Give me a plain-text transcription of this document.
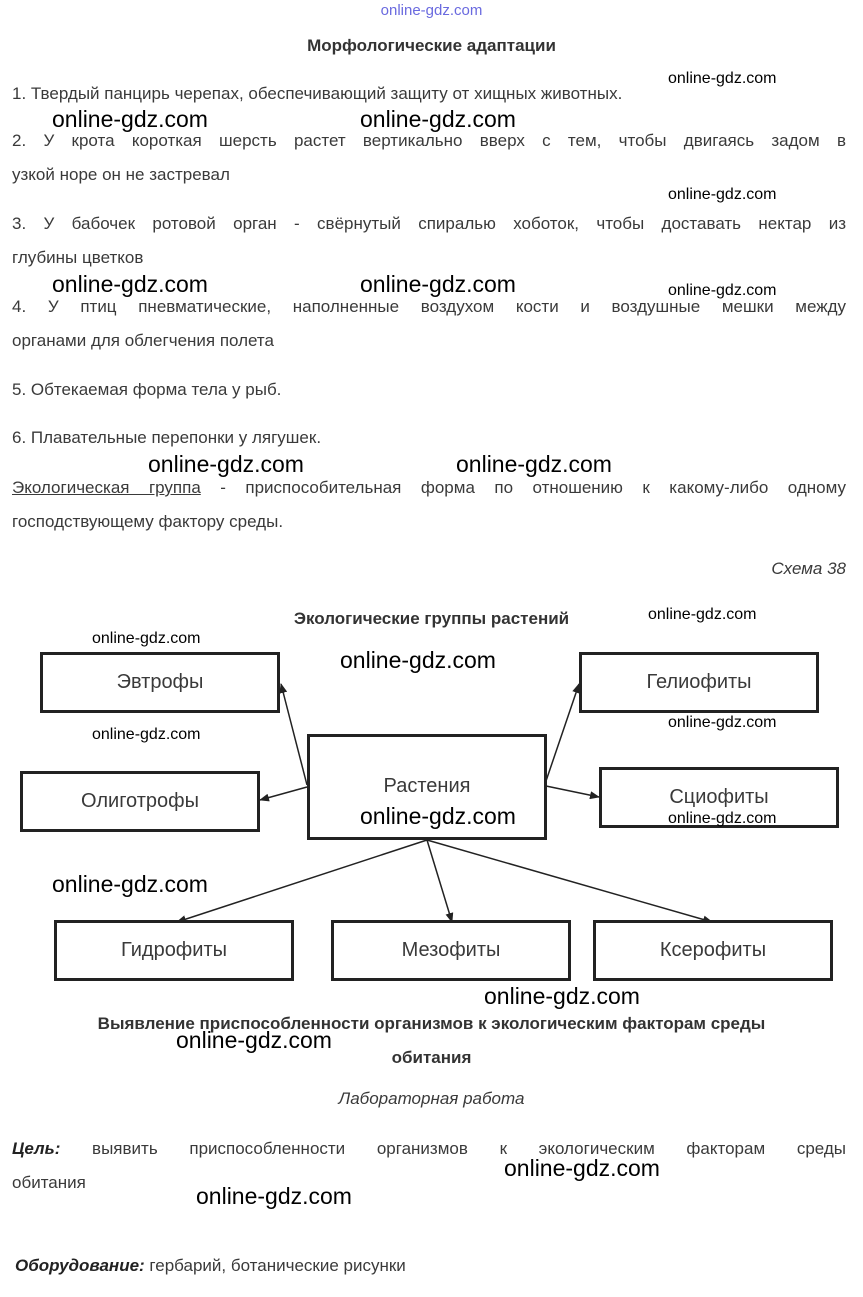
online-gdz.com
Морфологические адаптации
1. Твердый панцирь черепах, обеспечивающий защиту от хищных животных.
2. У крота короткая шерсть растет вертикально вверх с тем, чтобы двигаясь задом в
узкой норе он не застревал
3. У бабочек ротовой орган - свёрнутый спиралью хоботок, чтобы доставать нектар из
глубины цветков
4. У птиц пневматические, наполненные воздухом кости и воздушные мешки между
органами для облегчения полета
5. Обтекаемая форма тела у рыб.
6. Плавательные перепонки у лягушек.
Экологическая группа - приспособительная форма по отношению к какому-либо одному
господствующему фактору среды.
Схема 38
Экологические группы растений
Эвтрофы
Олиготрофы
Растения
Гелиофиты
Сциофиты
Гидрофиты	Мезофиты	Ксерофиты
Выявление приспособленности организмов к экологическим факторам среды
обитания
Лабораторная работа
Цель: выявить приспособленности организмов к экологическим факторам среды
обитания
Оборудование: гербарий, ботанические рисунки
online-gdz.com
online-gdz.com	online-gdz.com
online-gdz.com
online-gdz.com	online-gdz.com	online-gdz.com
online-gdz.com	online-gdz.com
online-gdz.com
online-gdz.com
online-gdz.com
online-gdz.com
online-gdz.com
online-gdz.com	online-gdz.com
online-gdz.com
online-gdz.com
online-gdz.com
online-gdz.com
online-gdz.com
